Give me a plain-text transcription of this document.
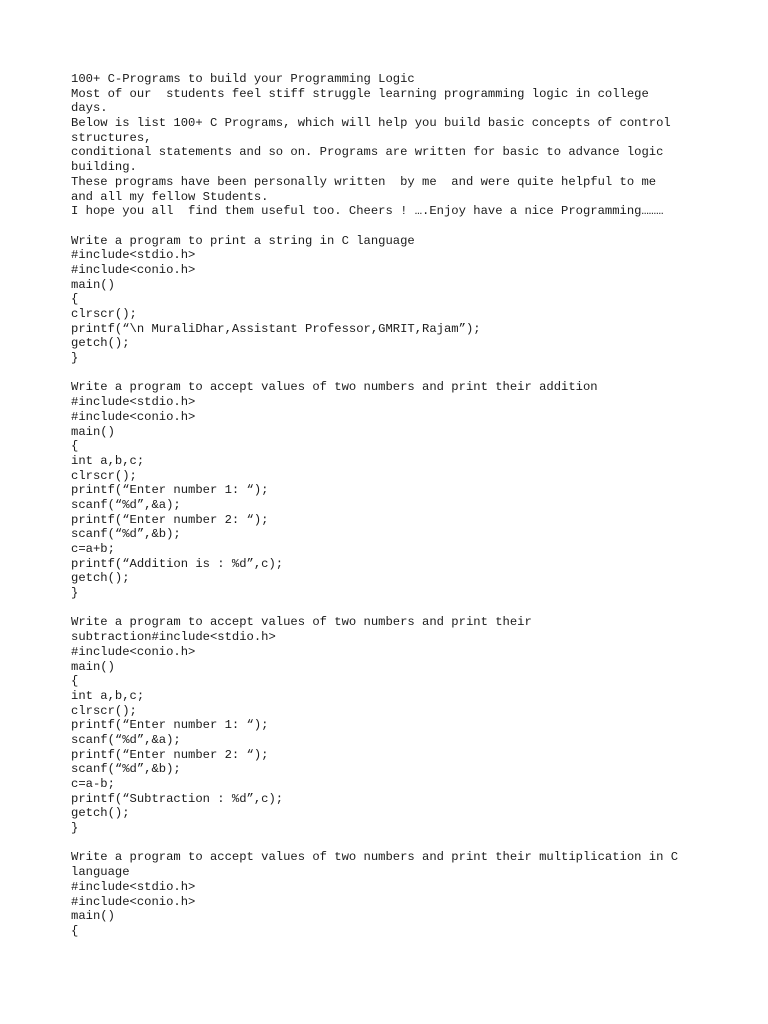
100+ C-Programs to build your Programming Logic
Most of our  students feel stiff struggle learning programming logic in college
days.
Below is list 100+ C Programs, which will help you build basic concepts of control
structures,
conditional statements and so on. Programs are written for basic to advance logic
building.
These programs have been personally written  by me  and were quite helpful to me
and all my fellow Students.
I hope you all  find them useful too. Cheers ! ….Enjoy have a nice Programming………
Write a program to print a string in C language
#include<stdio.h>
#include<conio.h>
main()
{
clrscr();
printf(“\n MuraliDhar,Assistant Professor,GMRIT,Rajam”);
getch();
}
Write a program to accept values of two numbers and print their addition
#include<stdio.h>
#include<conio.h>
main()
{
int a,b,c;
clrscr();
printf(“Enter number 1: “);
scanf(“%d”,&a);
printf(“Enter number 2: “);
scanf(“%d”,&b);
c=a+b;
printf(“Addition is : %d”,c);
getch();
}
Write a program to accept values of two numbers and print their
subtraction#include<stdio.h>
#include<conio.h>
main()
{
int a,b,c;
clrscr();
printf(“Enter number 1: “);
scanf(“%d”,&a);
printf(“Enter number 2: “);
scanf(“%d”,&b);
c=a-b;
printf(“Subtraction : %d”,c);
getch();
}
Write a program to accept values of two numbers and print their multiplication in C
language
#include<stdio.h>
#include<conio.h>
main()
{
